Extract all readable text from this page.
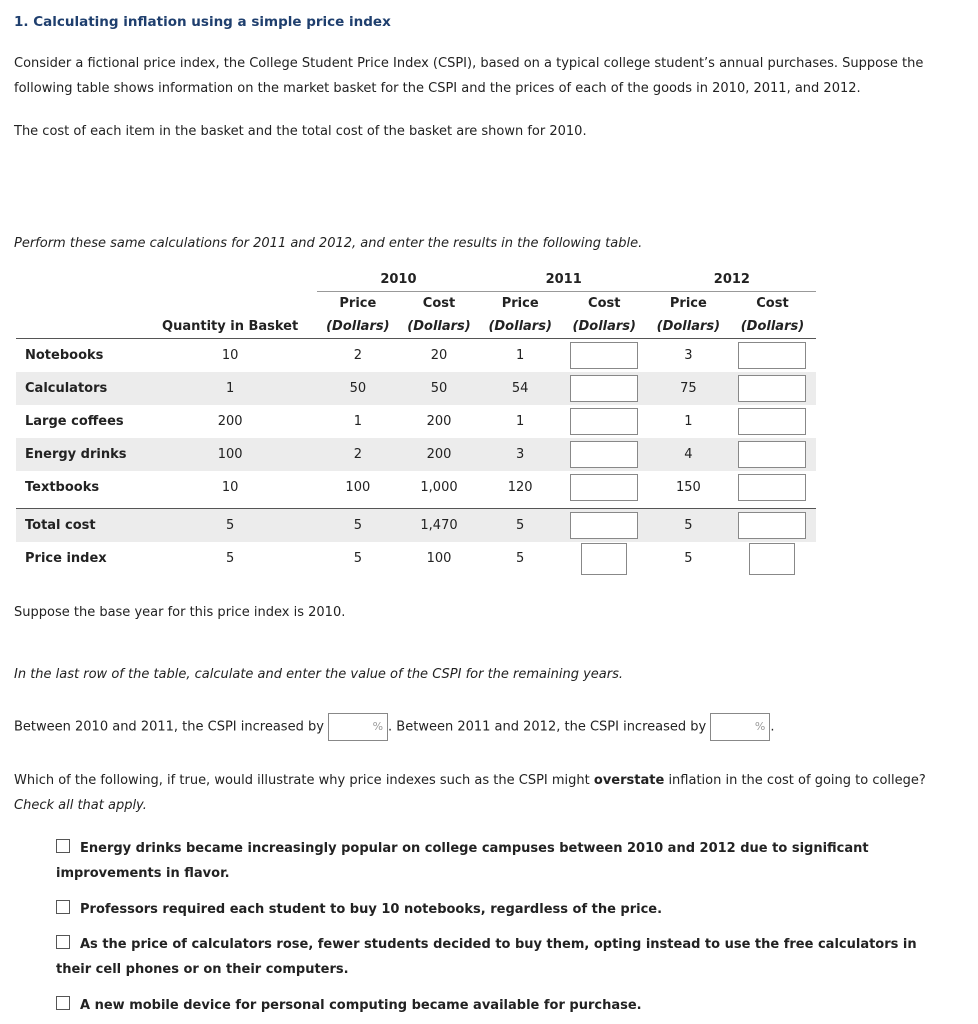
1. Calculating inflation using a simple price index
Consider a fictional price index, the College Student Price Index (CSPI), based on a typical college student’s annual purchases. Suppose the following table shows information on the market basket for the CSPI and the prices of each of the goods in 2010, 2011, and 2012.
The cost of each item in the basket and the total cost of the basket are shown for 2010.
Perform these same calculations for 2011 and 2012, and enter the results in the following table.
		2010		2011		2012	
		Price	Cost	Price	Cost	Price	Cost
	Quantity in Basket	(Dollars)	(Dollars)	(Dollars)	(Dollars)	(Dollars)	(Dollars)
Notebooks	10	2	20	1		3	
Calculators	1	50	50	54		75	
Large coffees	200	1	200	1		1	
Energy drinks	100	2	200	3		4	
Textbooks	10	100	1,000	120		150	

Total cost	5	5	1,470	5		5	
Price index	5	5	100	5		5	
Suppose the base year for this price index is 2010.
In the last row of the table, calculate and enter the value of the CSPI for the remaining years.
Between 2010 and 2011, the CSPI increased by	% . Between 2011 and 2012, the CSPI increased by	% .
Which of the following, if true, would illustrate why price indexes such as the CSPI might overstate inflation in the cost of going to college? Check all that apply.
Energy drinks became increasingly popular on college campuses between 2010 and 2012 due to significant improvements in flavor.
Professors required each student to buy 10 notebooks, regardless of the price.
As the price of calculators rose, fewer students decided to buy them, opting instead to use the free calculators in their cell phones or on their computers.
A new mobile device for personal computing became available for purchase.
